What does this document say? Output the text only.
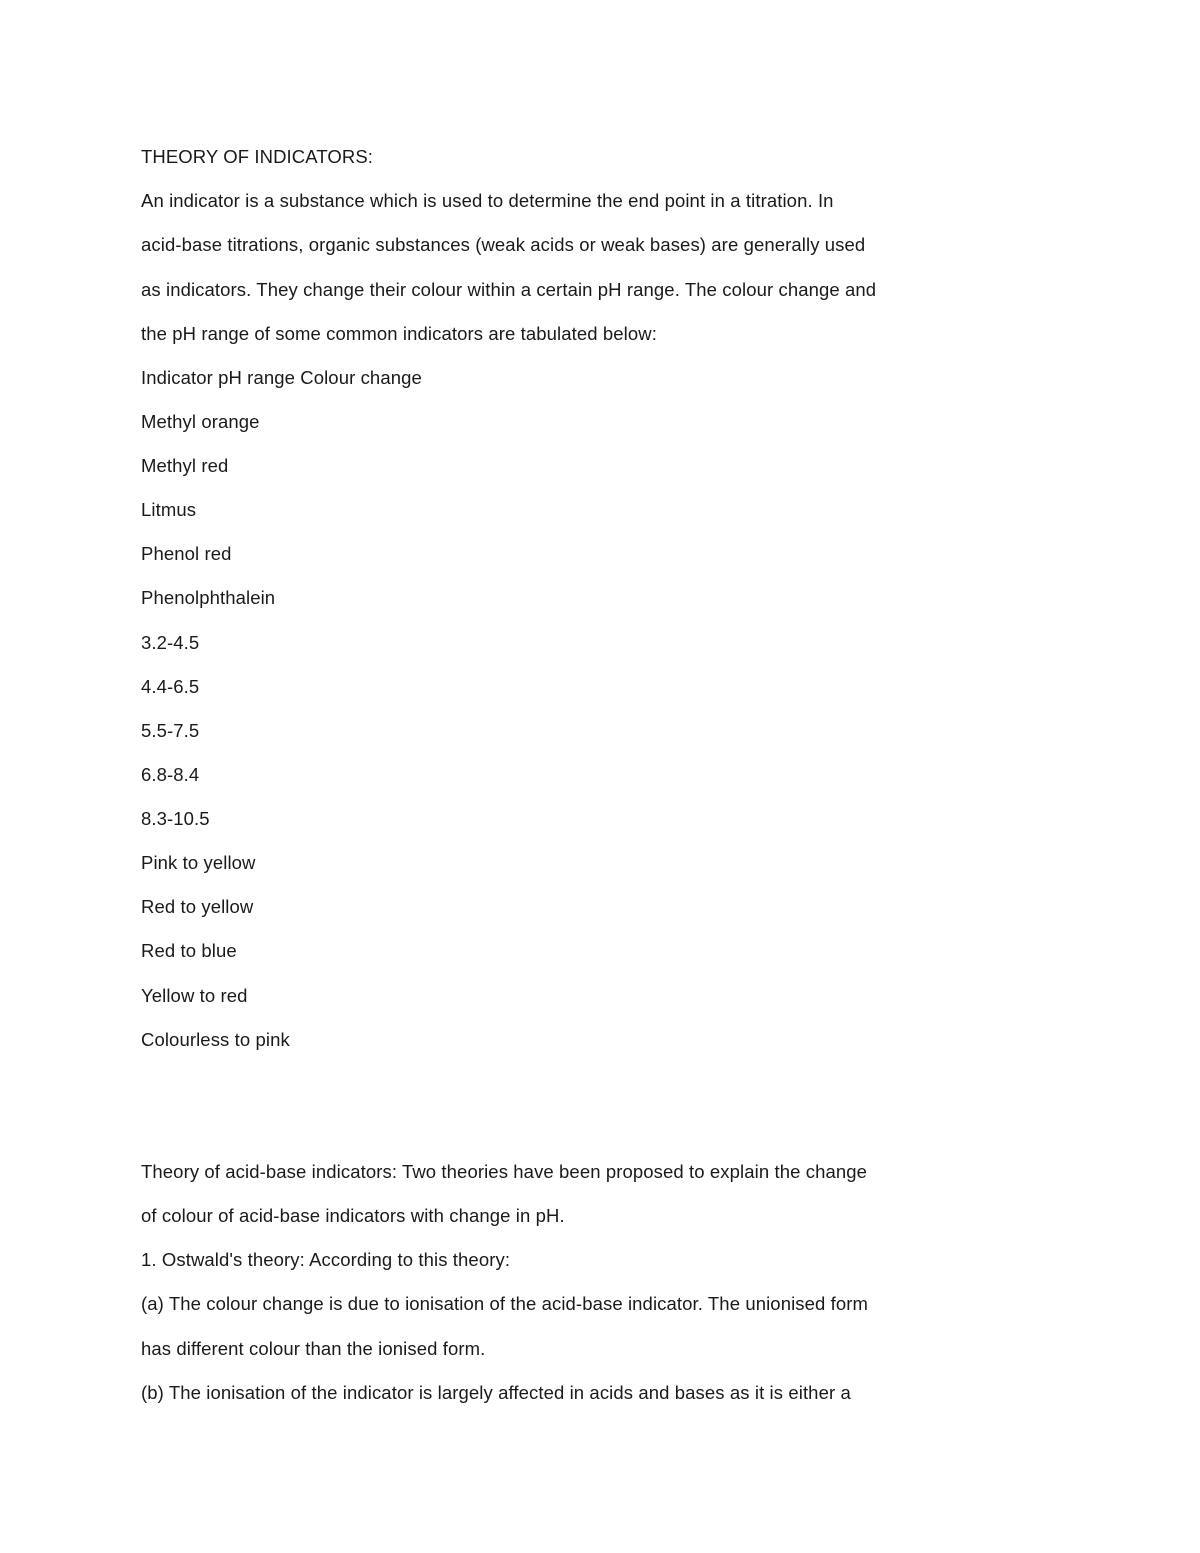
THEORY OF INDICATORS:

An indicator is a substance which is used to determine the end point in a titration. In

acid-base titrations, organic substances (weak acids or weak bases) are generally used

as indicators. They change their colour within a certain pH range. The colour change and

the pH range of some common indicators are tabulated below:

Indicator pH range Colour change

Methyl orange

Methyl red

Litmus

Phenol red

Phenolphthalein

3.2-4.5

4.4-6.5

5.5-7.5

6.8-8.4

8.3-10.5

Pink to yellow

Red to yellow

Red to blue

Yellow to red

Colourless to pink

Theory of acid-base indicators: Two theories have been proposed to explain the change

of colour of acid-base indicators with change in pH.

1. Ostwald's theory: According to this theory:

(a) The colour change is due to ionisation of the acid-base indicator. The unionised form

has different colour than the ionised form.

(b) The ionisation of the indicator is largely affected in acids and bases as it is either a
